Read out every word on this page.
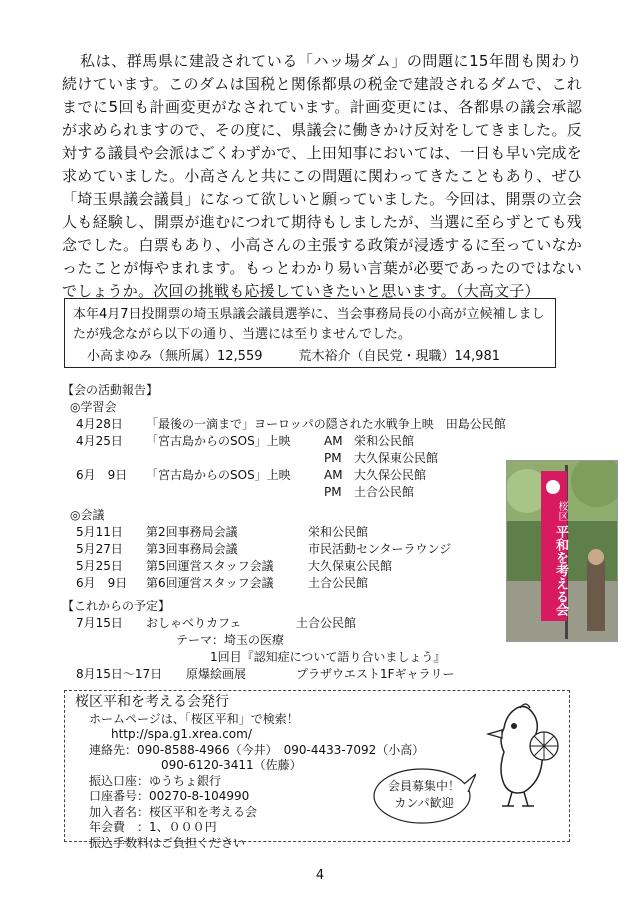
私は、群馬県に建設されている「ハッ場ダム」の問題に15年間も関わり続けています。このダムは国税と関係都県の税金で建設されるダムで、これまでに5回も計画変更がなされています。計画変更には、各都県の議会承認が求められますので、その度に、県議会に働きかけ反対をしてきました。反対する議員や会派はごくわずかで、上田知事においては、一日も早い完成を求めていました。小高さんと共にこの問題に関わってきたこともあり、ぜひ「埼玉県議会議員」になって欲しいと願っていました。今回は、開票の立会人も経験し、開票が進むにつれて期待もしましたが、当選に至らずとても残念でした。白票もあり、小高さんの主張する政策が浸透するに至っていなかったことが悔やまれます。もっとわかり易い言葉が必要であったのではないでしょうか。次回の挑戦も応援していきたいと思います。（大高文子）

本年4月7日投開票の埼玉県議会議員選挙に、当会事務局長の小高が立候補しましたが残念ながら以下の通り、当選には至りませんでした。
小高まゆみ（無所属）12,559	荒木裕介（自民党・現職）14,981
【会の活動報告】
◎学習会
4月28日	「最後の一滴まで」ヨーロッパの隠された水戦争上映　田島公民館
4月25日	「宮古島からのSOS」上映	AM 栄和公民館
PM	大久保東公民館
6月　9日	「宮古島からのSOS」上映	AM 大久保公民館
PM	土合公民館
◎会議
5月11日	第2回事務局会議	栄和公民館
5月27日	第3回事務局会議	市民活動センターラウンジ
5月25日	第5回運営スタッフ会議	大久保東公民館
6月　9日	第6回運営スタッフ会議	土合公民館
【これからの予定】
7月15日	おしゃべりカフェ	土合公民館
テーマ：埼玉の医療
1回目『認知症について語り合いましょう』
8月15日～17日	原爆絵画展	プラザウエスト1Fギャラリー
桜区
平和を考える会
桜区平和を考える会発行
ホームページは、「桜区平和」で検索！
http://spa.g1.xrea.com/
連絡先：090-8588-4966（今井）　090-4433-7092（小高）
090-6120-3411（佐藤）
振込口座：ゆうちょ銀行
口座番号：00270-8-104990
加入者名：桜区平和を考える会
年会費　：1、０００円
振込手数料はご負担ください
会員募集中！
カンパ歓迎
4
